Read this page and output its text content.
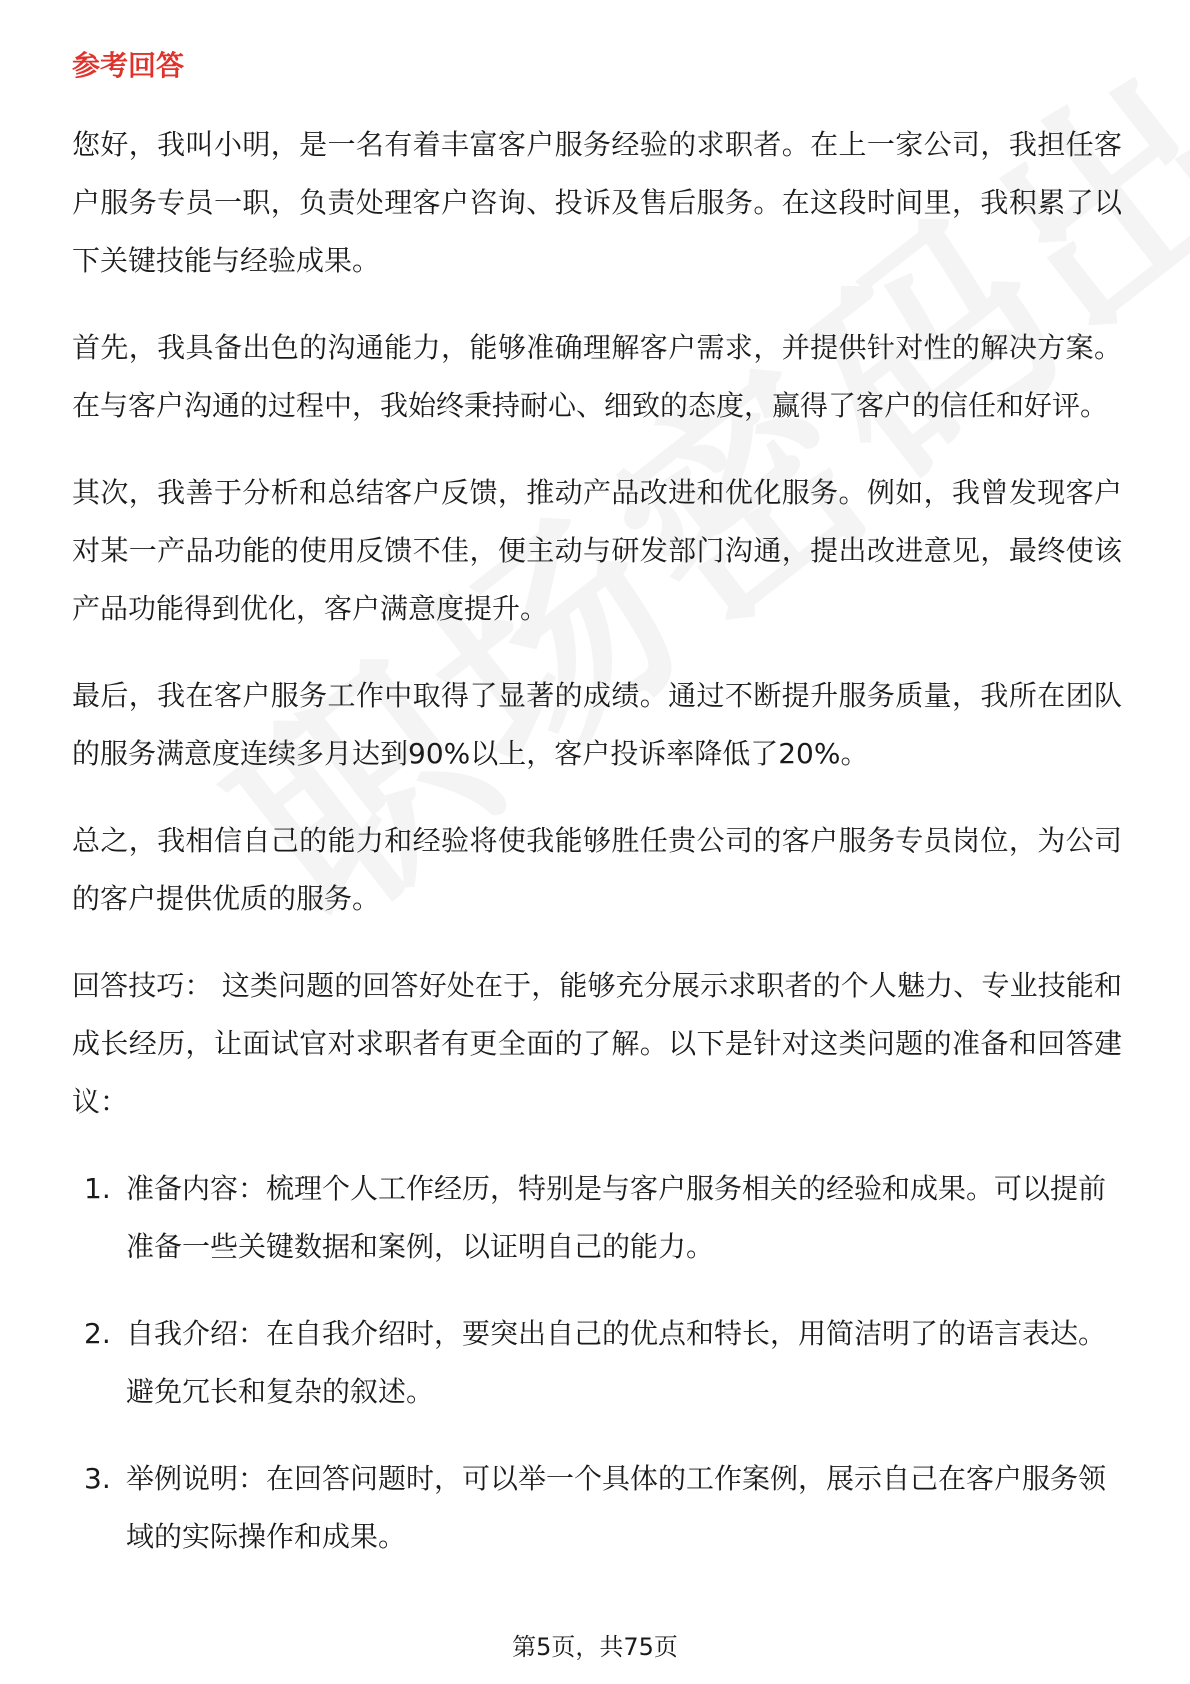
参考回答

您好，我叫小明，是一名有着丰富客户服务经验的求职者。在上一家公司，我担任客户服务专员一职，负责处理客户咨询、投诉及售后服务。在这段时间里，我积累了以下关键技能与经验成果。

首先，我具备出色的沟通能力，能够准确理解客户需求，并提供针对性的解决方案。在与客户沟通的过程中，我始终秉持耐心、细致的态度，赢得了客户的信任和好评。

其次，我善于分析和总结客户反馈，推动产品改进和优化服务。例如，我曾发现客户对某一产品功能的使用反馈不佳，便主动与研发部门沟通，提出改进意见，最终使该产品功能得到优化，客户满意度提升。

最后，我在客户服务工作中取得了显著的成绩。通过不断提升服务质量，我所在团队的服务满意度连续多月达到90%以上，客户投诉率降低了20%。

总之，我相信自己的能力和经验将使我能够胜任贵公司的客户服务专员岗位，为公司的客户提供优质的服务。

回答技巧： 这类问题的回答好处在于，能够充分展示求职者的个人魅力、专业技能和成长经历，让面试官对求职者有更全面的了解。以下是针对这类问题的准备和回答建议：

1. 准备内容：梳理个人工作经历，特别是与客户服务相关的经验和成果。可以提前准备一些关键数据和案例，以证明自己的能力。
2. 自我介绍：在自我介绍时，要突出自己的优点和特长，用简洁明了的语言表达。避免冗长和复杂的叙述。
3. 举例说明：在回答问题时，可以举一个具体的工作案例，展示自己在客户服务领域的实际操作和成果。
第5页，共75页
